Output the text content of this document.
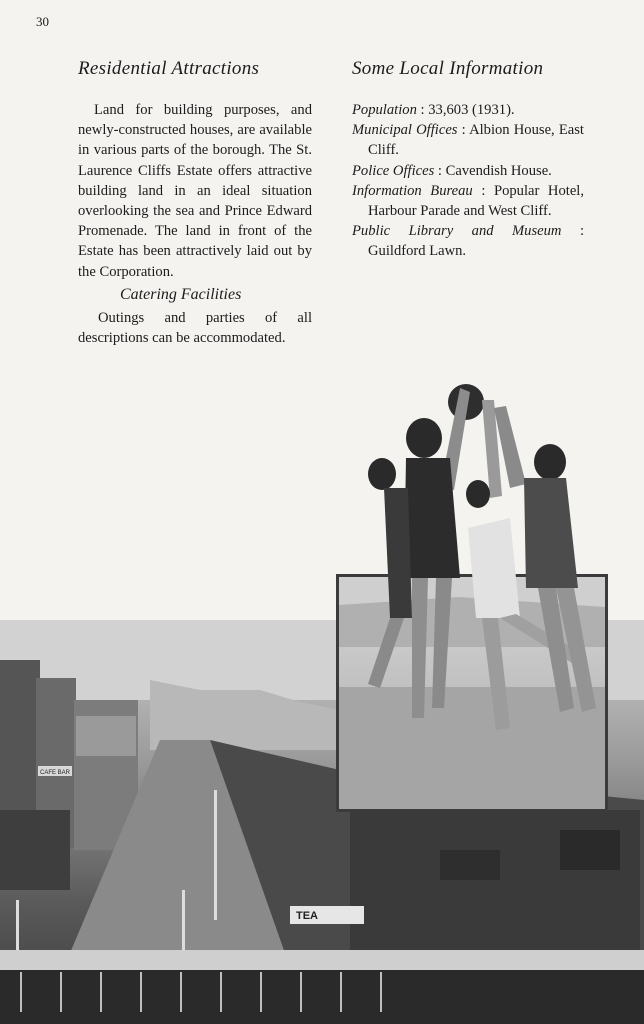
30
Residential Attractions

Land for building purposes, and newly-constructed houses, are available in various parts of the borough. The St. Laurence Cliffs Estate offers attractive building land in an ideal situation overlooking the sea and Prince Edward Promenade. The land in front of the Estate has been attractively laid out by the Corporation.

Catering Facilities

Outings and parties of all descriptions can be accommodated.

Some Local Information

Population : 33,603 (1931).

Municipal Offices : Albion House, East Cliff.

Police Offices : Cavendish House.

Information Bureau : Popular Hotel, Harbour Parade and West Cliff.

Public Library and Museum : Guildford Lawn.

TEA
CAFE BAR
